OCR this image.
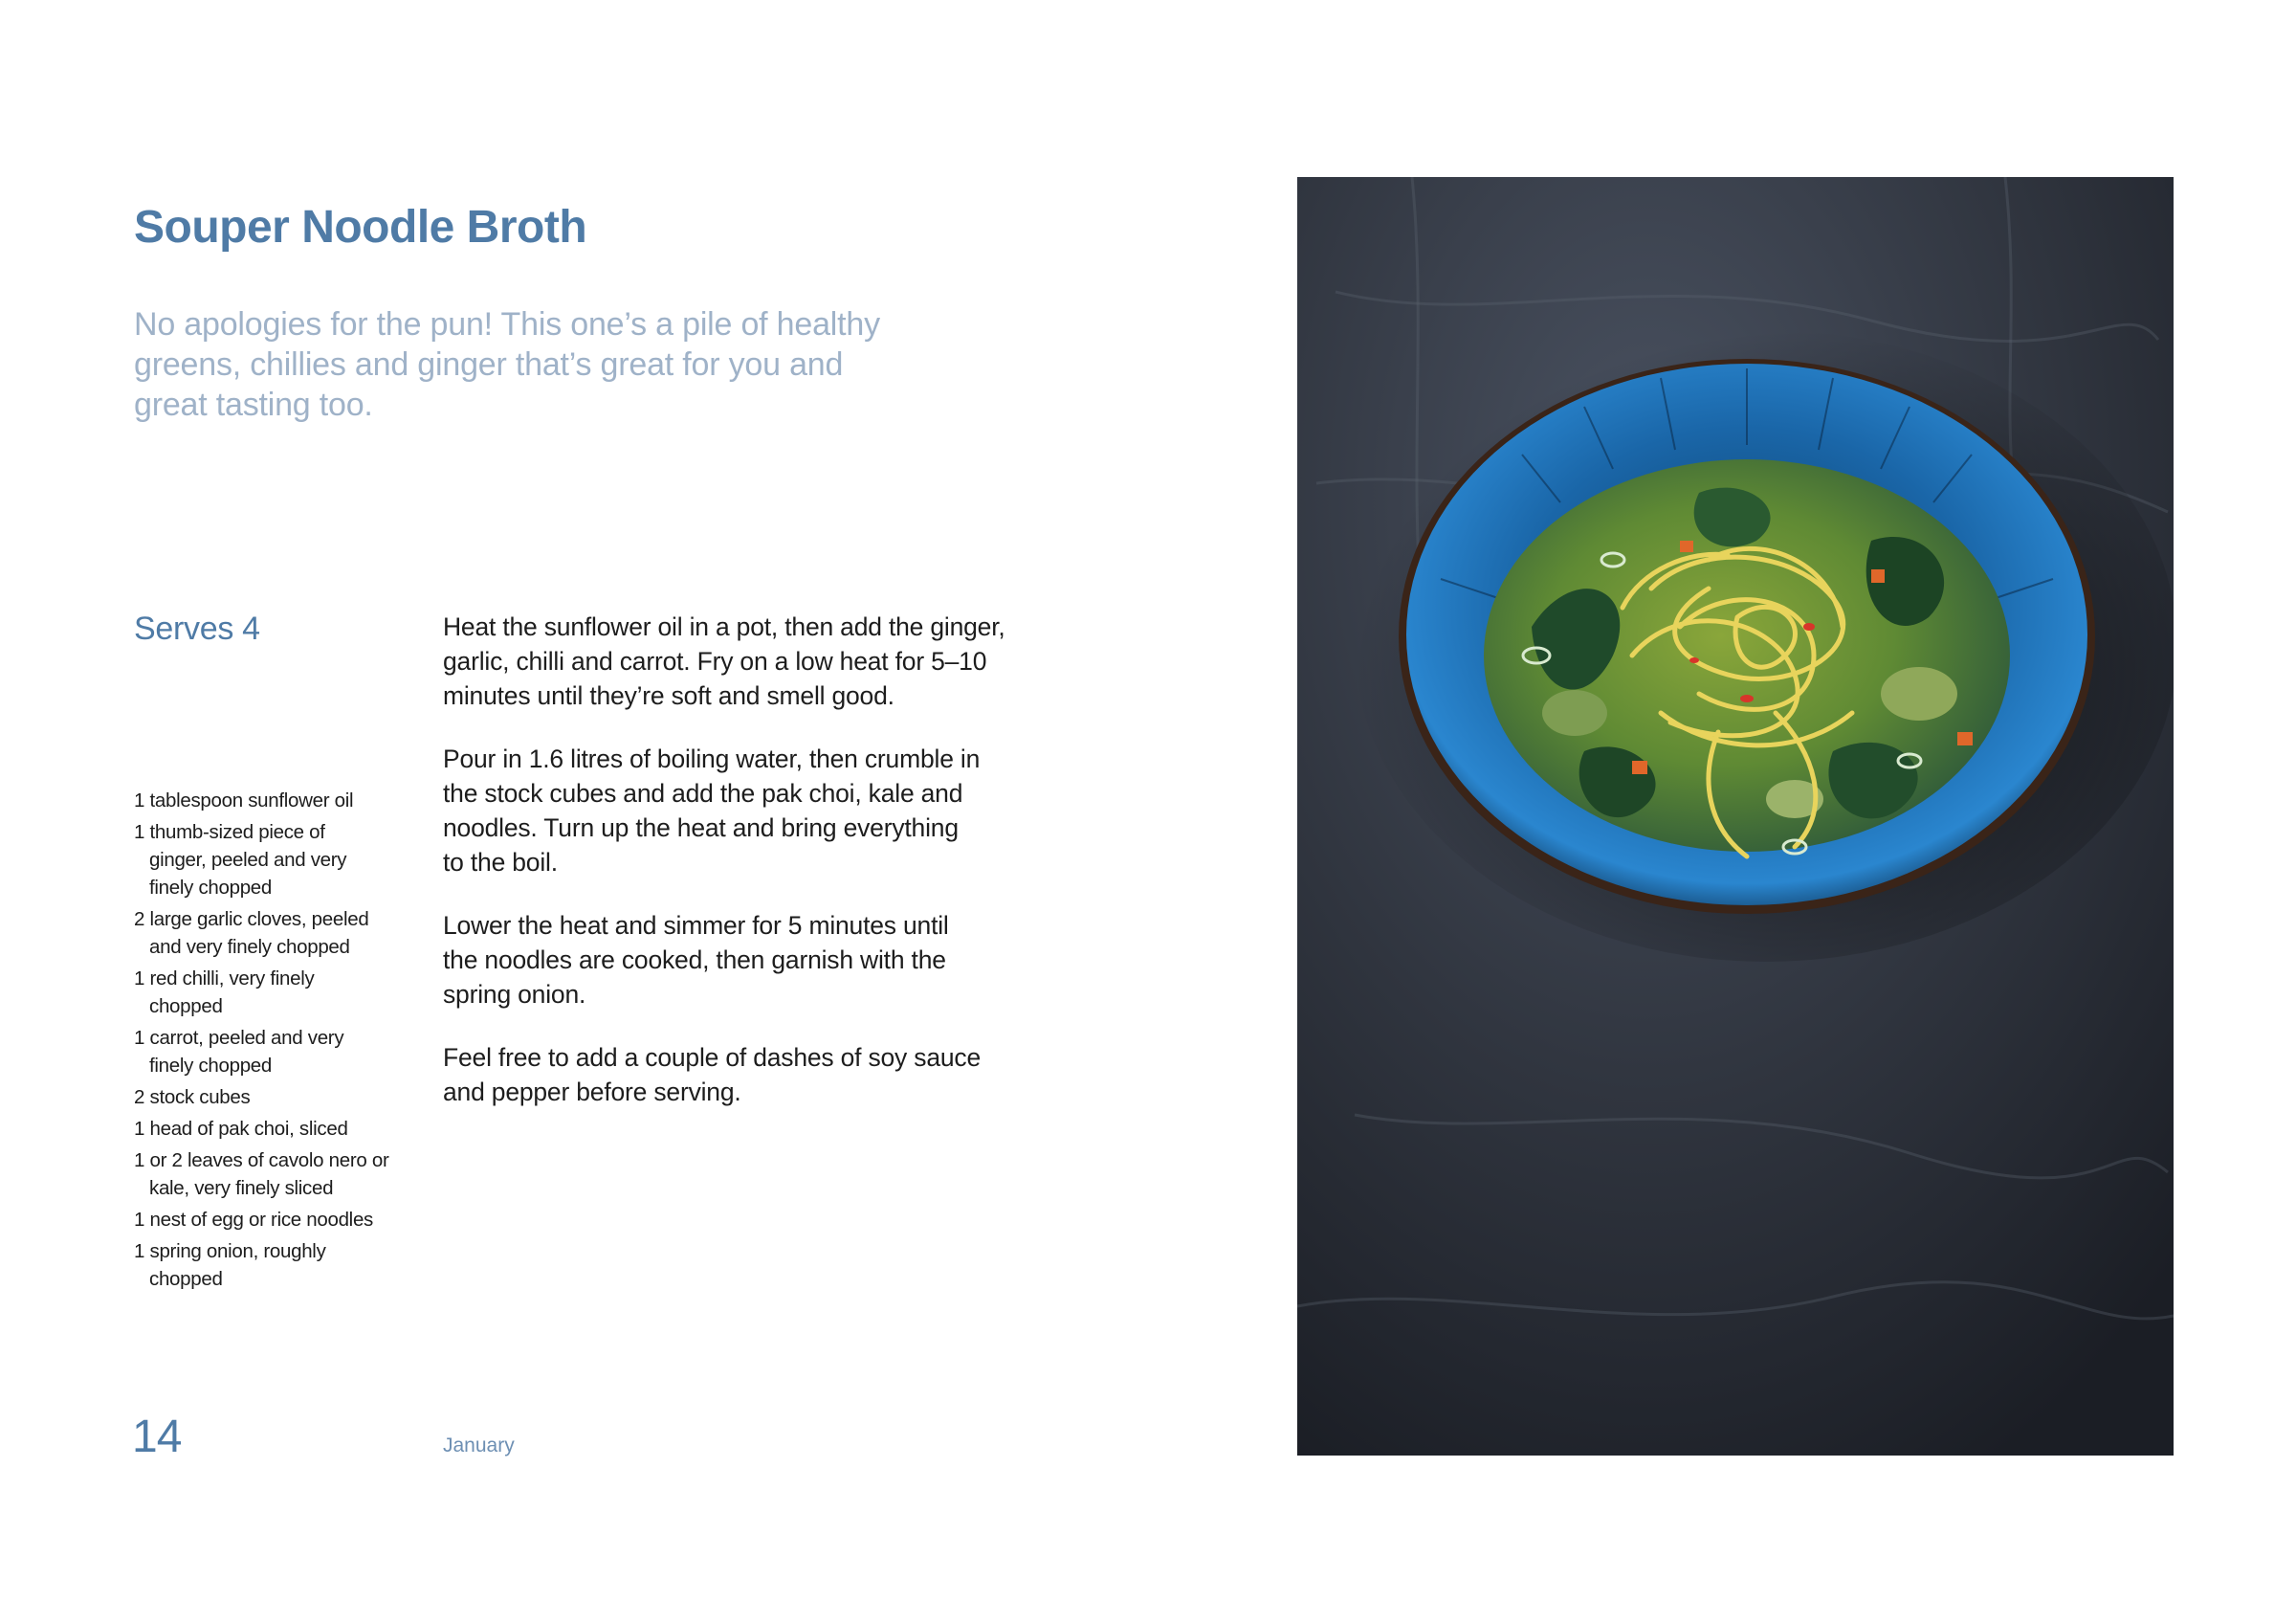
Souper Noodle Broth
No apologies for the pun! This one’s a pile of healthy
greens, chillies and ginger that’s great for you and
great tasting too.
Serves 4
1 tablespoon sunflower oil
1 thumb-sized piece of
ginger, peeled and very
finely chopped
2 large garlic cloves, peeled
and very finely chopped
1 red chilli, very finely
chopped
1 carrot, peeled and very
finely chopped
2 stock cubes
1 head of pak choi, sliced
1 or 2 leaves of cavolo nero or
kale, very finely sliced
1 nest of egg or rice noodles
1 spring onion, roughly
chopped

Heat the sunflower oil in a pot, then add the ginger,
garlic, chilli and carrot. Fry on a low heat for 5–10
minutes until they’re soft and smell good.

Pour in 1.6 litres of boiling water, then crumble in
the stock cubes and add the pak choi, kale and
noodles. Turn up the heat and bring everything
to the boil.

Lower the heat and simmer for 5 minutes until
the noodles are cooked, then garnish with the
spring onion.

Feel free to add a couple of dashes of soy sauce
and pepper before serving.

14	January
